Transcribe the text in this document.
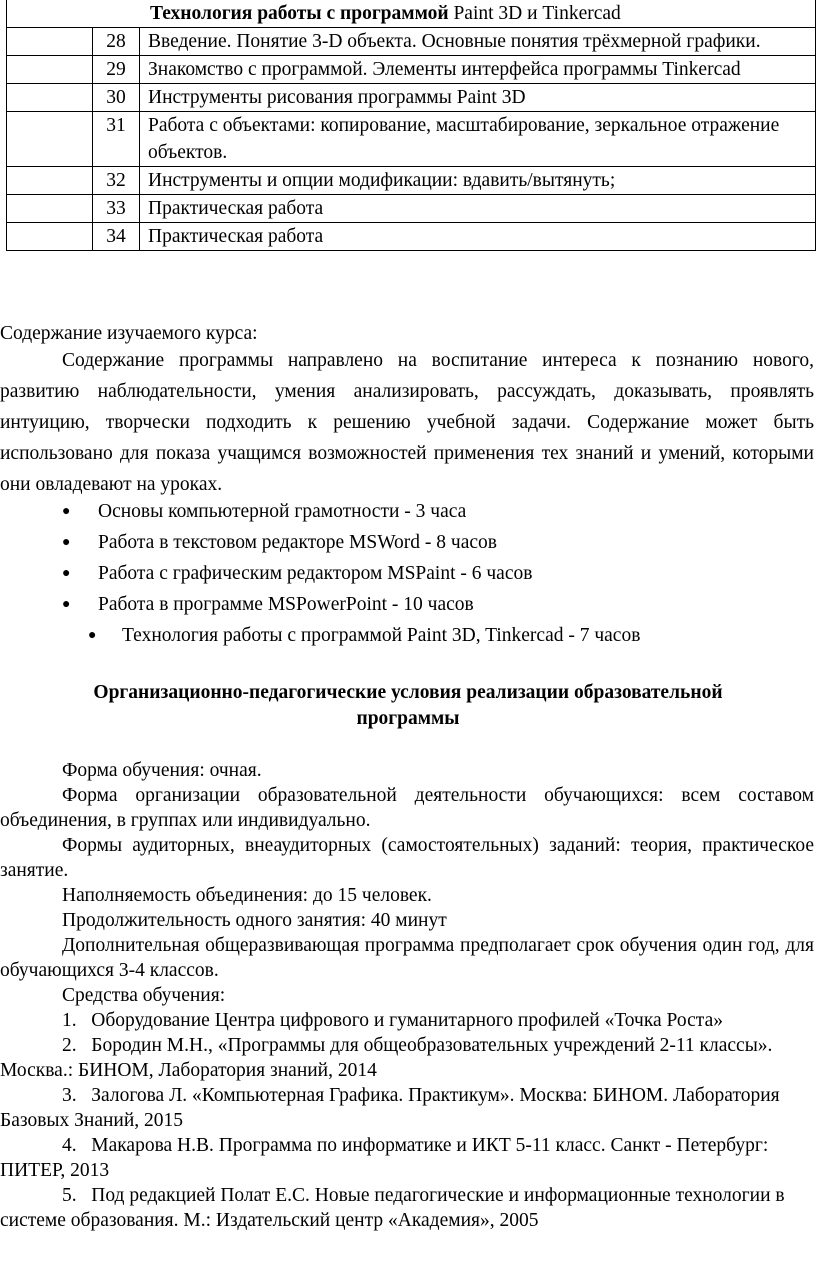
Технология работы с программой Paint 3D и Tinkercad		
	28	Введение. Понятие 3-D объекта. Основные понятия трёхмерной графики.
	29	Знакомство с программой. Элементы интерфейса программы Tinkercad
	30	Инструменты рисования программы Paint 3D
	31	Работа с объектами: копирование, масштабирование, зеркальное отражение объектов.
	32	Инструменты и опции модификации: вдавить/вытянуть;
	33	Практическая работа
	34	Практическая работа

Содержание изучаемого курса:

Содержание программы направлено на воспитание интереса к познанию нового, развитию наблюдательности, умения анализировать, рассуждать, доказывать, проявлять интуицию, творчески подходить к решению учебной задачи. Содержание может быть использовано для показа учащимся возможностей применения тех знаний и умений, которыми они овладевают на уроках.

● Основы компьютерной грамотности - 3 часа
● Работа в текстовом редакторе MSWord - 8 часов
● Работа с графическим редактором MSPaint - 6 часов
● Работа в программе MSPowerPoint - 10 часов
● Технология работы с программой Paint 3D, Tinkercad - 7 часов
Организационно-педагогические условия реализации образовательной
программы
Форма обучения: очная.
Форма организации образовательной деятельности обучающихся: всем составом объединения, в группах или индивидуально.
Формы аудиторных, внеаудиторных (самостоятельных) заданий: теория, практическое занятие.
Наполняемость объединения: до 15 человек.
Продолжительность одного занятия: 40 минут
Дополнительная общеразвивающая программа предполагает срок обучения один год, для обучающихся 3-4 классов.
Средства обучения:
1. Оборудование Центра цифрового и гуманитарного профилей «Точка Роста»
2. Бородин М.Н., «Программы для общеобразовательных учреждений 2-11 классы». Москва.: БИНОМ, Лаборатория знаний, 2014
3. Залогова Л. «Компьютерная Графика. Практикум». Москва: БИНОМ. Лаборатория Базовых Знаний, 2015
4. Макарова Н.В. Программа по информатике и ИКТ 5-11 класс. Санкт - Петербург: ПИТЕР, 2013
5. Под редакцией Полат Е.С. Новые педагогические и информационные технологии в системе образования. М.: Издательский центр «Академия», 2005
